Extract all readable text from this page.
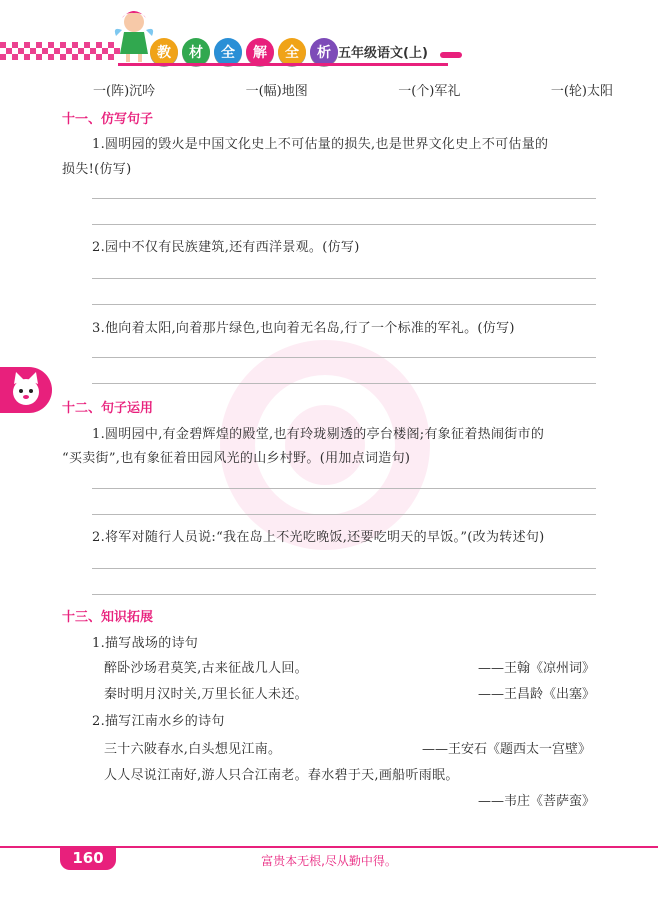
教	材	全	解	全	析 五年级语文(上)
一(阵)沉吟	一(幅)地图	一(个)军礼	一(轮)太阳
十一、仿写句子
1.圆明园的毁火是中国文化史上不可估量的损失,也是世界文化史上不可估量的
损失!(仿写)
2.园中不仅有民族建筑,还有西洋景观。(仿写)
3.他向着太阳,向着那片绿色,也向着无名岛,行了一个标准的军礼。(仿写)
十二、句子运用
1.圆明园中,有金碧辉煌的殿堂,也有玲珑剔透的亭台楼阁;有象征着热闹街市的
“买卖街”,也有象征着田园风光的山乡村野。(用加点词造句)
2.将军对随行人员说:“我在岛上不光吃晚饭,还要吃明天的早饭。”(改为转述句)
十三、知识拓展
1.描写战场的诗句
醉卧沙场君莫笑,古来征战几人回。	——王翰《凉州词》
秦时明月汉时关,万里长征人未还。	——王昌龄《出塞》
2.描写江南水乡的诗句
三十六陂春水,白头想见江南。	——王安石《题西太一宫壁》
人人尽说江南好,游人只合江南老。春水碧于天,画船听雨眠。
——韦庄《菩萨蛮》
160	富贵本无根,尽从勤中得。
